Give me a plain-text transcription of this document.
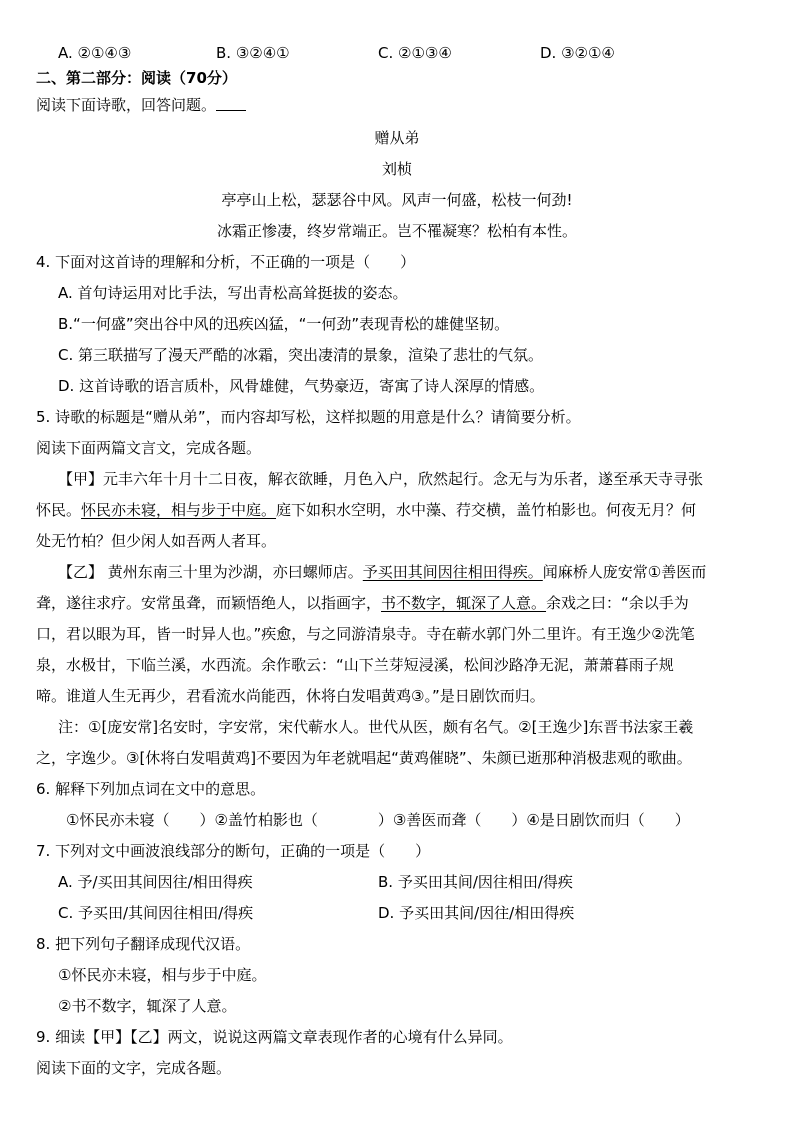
A. ②①④③	B. ③②④①	C. ②①③④	D. ③②①④
二、第二部分：阅读（70分）
阅读下面诗歌，回答问题。
赠从弟
刘桢
亭亭山上松，瑟瑟谷中风。风声一何盛，松枝一何劲!
冰霜正惨凄，终岁常端正。岂不罹凝寒？松柏有本性。
4. 下面对这首诗的理解和分析，不正确的一项是（　　）
A. 首句诗运用对比手法，写出青松高耸挺拔的姿态。
B.“一何盛”突出谷中风的迅疾凶猛，“一何劲”表现青松的雄健坚韧。
C. 第三联描写了漫天严酷的冰霜，突出凄清的景象，渲染了悲壮的气氛。
D. 这首诗歌的语言质朴，风骨雄健，气势豪迈，寄寓了诗人深厚的情感。
5. 诗歌的标题是“赠从弟”，而内容却写松，这样拟题的用意是什么？请简要分析。
阅读下面两篇文言文，完成各题。
【甲】元丰六年十月十二日夜，解衣欲睡，月色入户，欣然起行。念无与为乐者，遂至承天寺寻张
怀民。怀民亦未寝，相与步于中庭。庭下如积水空明，水中藻、荇交横，盖竹柏影也。何夜无月？何
处无竹柏？但少闲人如吾两人者耳。
【乙】 黄州东南三十里为沙湖，亦曰螺师店。予买田其间因往相田得疾。闻麻桥人庞安常①善医而
聋，遂往求疗。安常虽聋，而颖悟绝人，以指画字，书不数字，辄深了人意。余戏之曰：“余以手为
口，君以眼为耳，皆一时异人也。”疾愈，与之同游清泉寺。寺在蕲水郭门外二里许。有王逸少②洗笔
泉，水极甘，下临兰溪，水西流。余作歌云：“山下兰芽短浸溪，松间沙路净无泥，萧萧暮雨子规
啼。谁道人生无再少，君看流水尚能西，休将白发唱黄鸡③。”是日剧饮而归。
注：①[庞安常]名安时，字安常，宋代蕲水人。世代从医，颇有名气。②[王逸少]东晋书法家王羲
之，字逸少。③[休将白发唱黄鸡]不要因为年老就唱起“黄鸡催晓”、朱颜已逝那种消极悲观的歌曲。
6. 解释下列加点词在文中的意思。
①怀民亦未寝（　　）②盖竹柏影也（　　　　）③善医而聋（　　）④是日剧饮而归（　　）
7. 下列对文中画波浪线部分的断句，正确的一项是（　　）
A. 予/买田其间因往/相田得疾	B. 予买田其间/因往相田/得疾
C. 予买田/其间因往相田/得疾	D. 予买田其间/因往/相田得疾
8. 把下列句子翻译成现代汉语。
①怀民亦未寝，相与步于中庭。
②书不数字，辄深了人意。
9. 细读【甲】【乙】两文，说说这两篇文章表现作者的心境有什么异同。
阅读下面的文字，完成各题。
